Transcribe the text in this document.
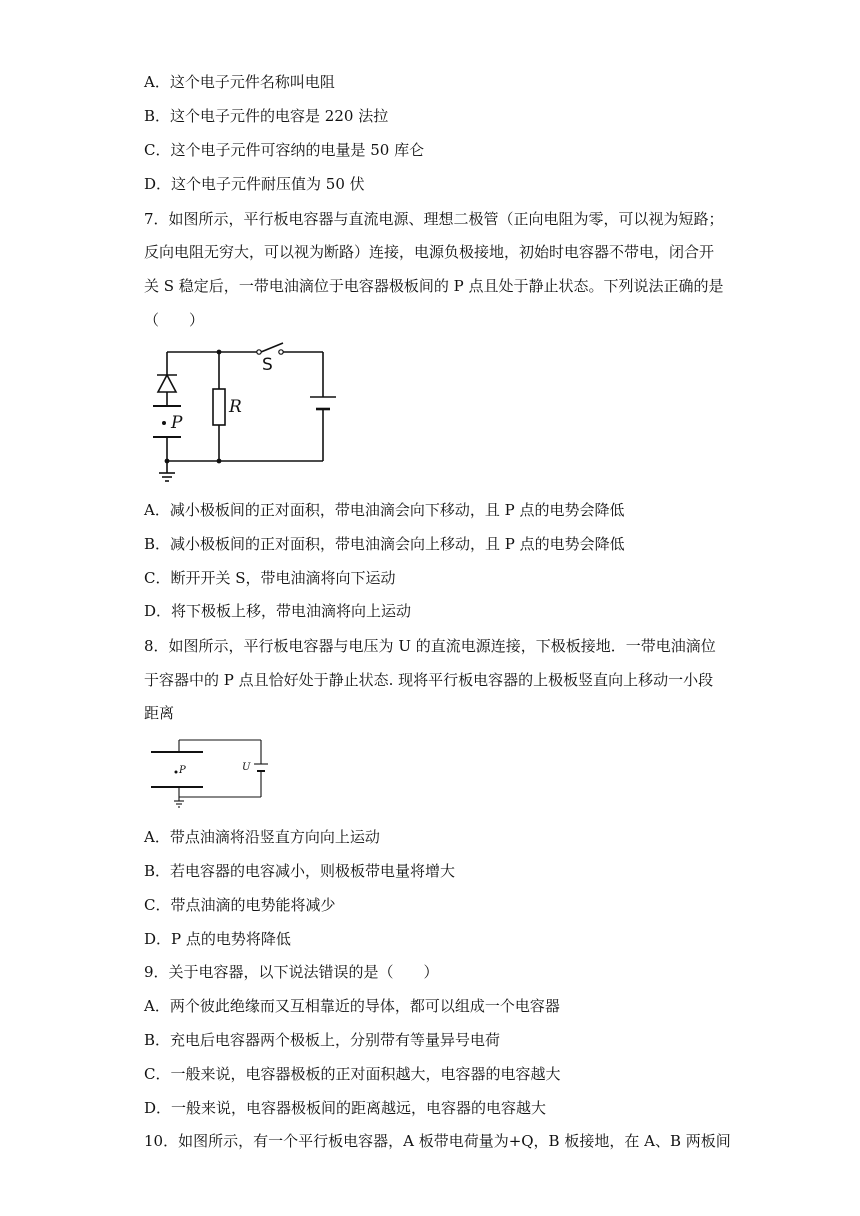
A．这个电子元件名称叫电阻
B．这个电子元件的电容是 220 法拉
C．这个电子元件可容纳的电量是 50 库仑
D．这个电子元件耐压值为 50 伏
7．如图所示，平行板电容器与直流电源、理想二极管（正向电阻为零，可以视为短路；
反向电阻无穷大，可以视为断路）连接，电源负极接地，初始时电容器不带电，闭合开
关 S 稳定后，一带电油滴位于电容器极板间的 P 点且处于静止状态。下列说法正确的是
（　　）
S
R
P
A．减小极板间的正对面积，带电油滴会向下移动，且 P 点的电势会降低
B．减小极板间的正对面积，带电油滴会向上移动，且 P 点的电势会降低
C．断开开关 S，带电油滴将向下运动
D．将下极板上移，带电油滴将向上运动
8．如图所示，平行板电容器与电压为 U 的直流电源连接，下极板接地．一带电油滴位
于容器中的 P 点且恰好处于静止状态. 现将平行板电容器的上极板竖直向上移动一小段
距离
P	U
A．带点油滴将沿竖直方向向上运动
B．若电容器的电容减小，则极板带电量将增大
C．带点油滴的电势能将减少
D．P 点的电势将降低
9．关于电容器，以下说法错误的是（　　）
A．两个彼此绝缘而又互相靠近的导体，都可以组成一个电容器
B．充电后电容器两个极板上，分别带有等量异号电荷
C．一般来说，电容器极板的正对面积越大，电容器的电容越大
D．一般来说，电容器极板间的距离越远，电容器的电容越大
10．如图所示，有一个平行板电容器，A 板带电荷量为+Q，B 板接地，在 A、B 两板间
